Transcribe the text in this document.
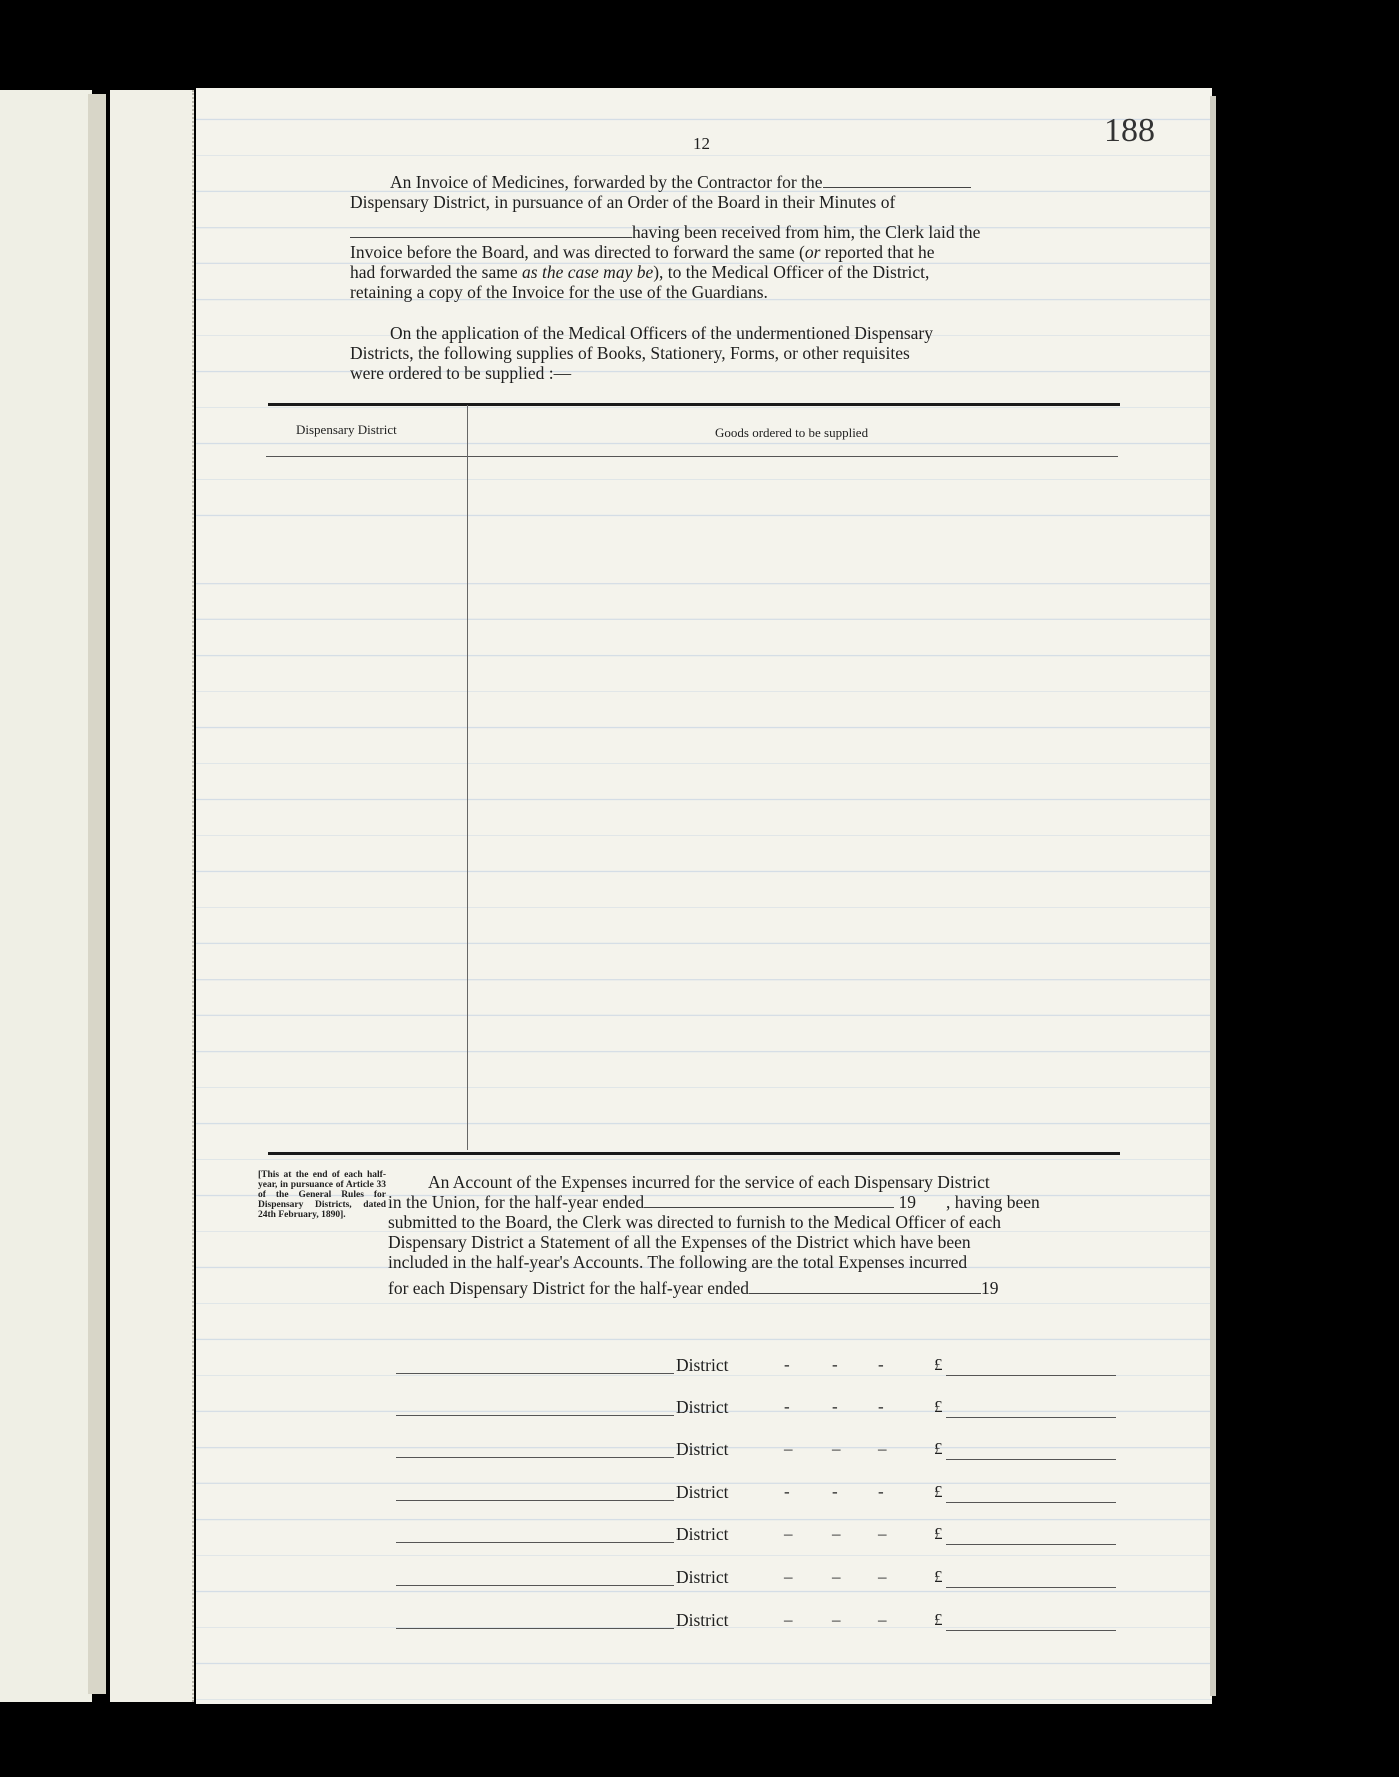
12	188
An Invoice of Medicines, forwarded by the Contractor for the
Dispensary District, in pursuance of an Order of the Board in their Minutes of
having been received from him, the Clerk laid the
Invoice before the Board, and was directed to forward the same (or reported that he
had forwarded the same as the case may be), to the Medical Officer of the District,
retaining a copy of the Invoice for the use of the Guardians.
On the application of the Medical Officers of the undermentioned Dispensary
Districts, the following supplies of Books, Stationery, Forms, or other requisites
were ordered to be supplied :—
Dispensary District	Goods ordered to be supplied
[This at the end of each half-year, in pursuance of Article 33 of the General Rules for Dispensary Districts, dated 24th February, 1890].
An Account of the Expenses incurred for the service of each Dispensary District
in the Union, for the half-year ended	19 , having been
submitted to the Board, the Clerk was directed to furnish to the Medical Officer of each
Dispensary District a Statement of all the Expenses of the District which have been
included in the half-year's Accounts. The following are the total Expenses incurred
for each Dispensary District for the half-year ended	19
District	- - -	£
District	- - -	£
District	– – –	£
District	- - -	£
District	– – –	£
District	– – –	£
District	– – –	£
